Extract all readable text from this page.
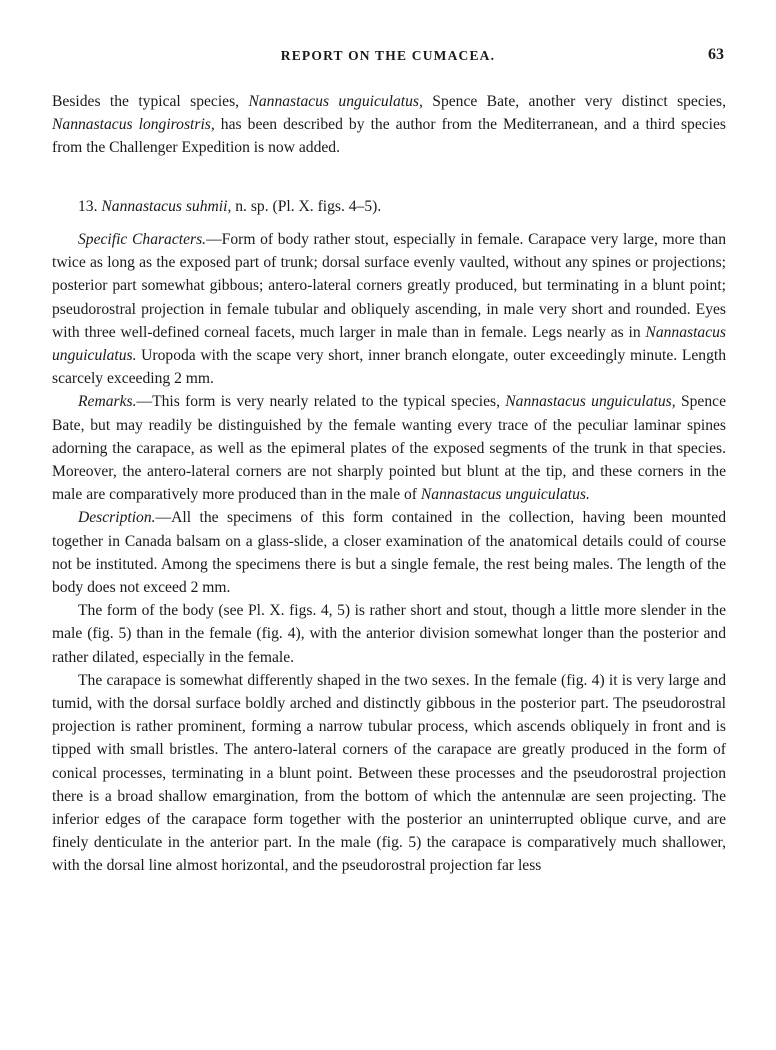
REPORT ON THE CUMACEA.	63

Besides the typical species, Nannastacus unguiculatus, Spence Bate, another very distinct species, Nannastacus longirostris, has been described by the author from the Mediterranean, and a third species from the Challenger Expedition is now added.

13. Nannastacus suhmii, n. sp. (Pl. X. figs. 4–5).

Specific Characters.—Form of body rather stout, especially in female. Carapace very large, more than twice as long as the exposed part of trunk; dorsal surface evenly vaulted, without any spines or projections; posterior part somewhat gibbous; antero-lateral corners greatly produced, but terminating in a blunt point; pseudorostral projection in female tubular and obliquely ascending, in male very short and rounded. Eyes with three well-defined corneal facets, much larger in male than in female. Legs nearly as in Nannastacus unguiculatus. Uropoda with the scape very short, inner branch elongate, outer exceedingly minute. Length scarcely exceeding 2 mm.

Remarks.—This form is very nearly related to the typical species, Nannastacus unguiculatus, Spence Bate, but may readily be distinguished by the female wanting every trace of the peculiar laminar spines adorning the carapace, as well as the epimeral plates of the exposed segments of the trunk in that species. Moreover, the antero-lateral corners are not sharply pointed but blunt at the tip, and these corners in the male are comparatively more produced than in the male of Nannastacus unguiculatus.

Description.—All the specimens of this form contained in the collection, having been mounted together in Canada balsam on a glass-slide, a closer examination of the anatomical details could of course not be instituted. Among the specimens there is but a single female, the rest being males. The length of the body does not exceed 2 mm.

The form of the body (see Pl. X. figs. 4, 5) is rather short and stout, though a little more slender in the male (fig. 5) than in the female (fig. 4), with the anterior division somewhat longer than the posterior and rather dilated, especially in the female.

The carapace is somewhat differently shaped in the two sexes. In the female (fig. 4) it is very large and tumid, with the dorsal surface boldly arched and distinctly gibbous in the posterior part. The pseudorostral projection is rather prominent, forming a narrow tubular process, which ascends obliquely in front and is tipped with small bristles. The antero-lateral corners of the carapace are greatly produced in the form of conical processes, terminating in a blunt point. Between these processes and the pseudorostral projection there is a broad shallow emargination, from the bottom of which the antennulæ are seen projecting. The inferior edges of the carapace form together with the posterior an uninterrupted oblique curve, and are finely denticulate in the anterior part. In the male (fig. 5) the carapace is comparatively much shallower, with the dorsal line almost horizontal, and the pseudorostral projection far less
